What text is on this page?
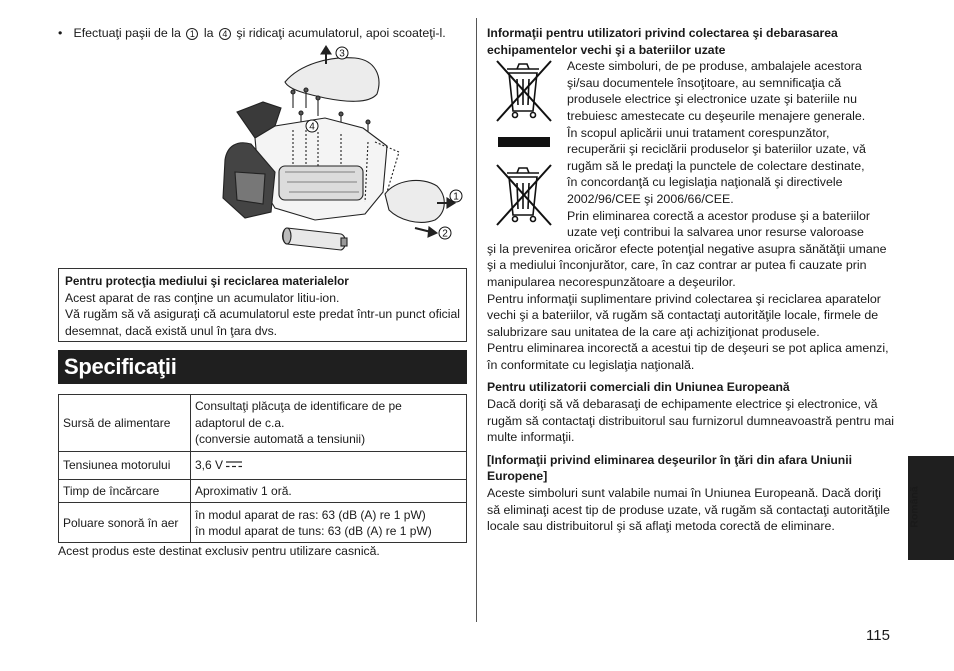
• Efectuaţi paşii de la 1 la 4 şi ridicaţi acumulatorul, apoi scoateţi-l.
3
4
1
2
Pentru protecţia mediului şi reciclarea materialelor

Acest aparat de ras conţine un acumulator litiu-ion.

Vă rugăm să vă asiguraţi că acumulatorul este predat într-un punct oficial desemnat, dacă există unul în ţara dvs.

Specificaţii
Sursă de alimentare	Consultaţi plăcuţa de identificare de pe
adaptorul de c.a.
(conversie automată a tensiunii)

Tensiunea motorului	3,6 V
Timp de încărcare	Aproximativ 1 oră.
Poluare sonoră în aer	în modul aparat de ras: 63 (dB (A) re 1 pW)
în modul aparat de tuns: 63 (dB (A) re 1 pW)
Acest produs este destinat exclusiv pentru utilizare casnică.
Informaţii pentru utilizatori privind colectarea şi debarasarea echipamentelor vechi şi a bateriilor uzate
Aceste simboluri, de pe produse, ambalajele acestora
şi/sau documentele însoţitoare, au semnificaţia că
produsele electrice şi electronice uzate şi bateriile nu
trebuiesc amestecate cu deşeurile menajere generale.
În scopul aplicării unui tratament corespunzător,
recuperării şi reciclării produselor şi bateriilor uzate, vă
rugăm să le predaţi la punctele de colectare destinate,
în concordanţă cu legislaţia naţională şi directivele
2002/96/CEE şi 2006/66/CEE.
Prin eliminarea corectă a acestor produse şi a bateriilor
uzate veţi contribui la salvarea unor resurse valoroase
şi la prevenirea oricăror efecte potenţial negative asupra sănătăţii umane şi a mediului înconjurător, care, în caz contrar ar putea fi cauzate prin manipularea necorespunzătoare a deşeurilor.
Pentru informaţii suplimentare privind colectarea şi reciclarea aparatelor vechi şi a bateriilor, vă rugăm să contactaţi autorităţile locale, firmele de salubrizare sau unitatea de la care aţi achiziţionat produsele.
Pentru eliminarea incorectă a acestui tip de deşeuri se pot aplica amenzi, în conformitate cu legislaţia naţională.
Pentru utilizatorii comerciali din Uniunea Europeană
Dacă doriţi să vă debarasaţi de echipamente electrice şi electronice, vă rugăm să contactaţi distribuitorul sau furnizorul dumneavoastră pentru mai multe informaţii.
[Informaţii privind eliminarea deşeurilor în ţări din afara Uniunii Europene]
Aceste simboluri sunt valabile numai în Uniunea Europeană. Dacă doriţi să eliminaţi acest tip de produse uzate, vă rugăm să contactaţi autorităţile locale sau distribuitorul şi să aflaţi metoda corectă de eliminare.	Română
115
